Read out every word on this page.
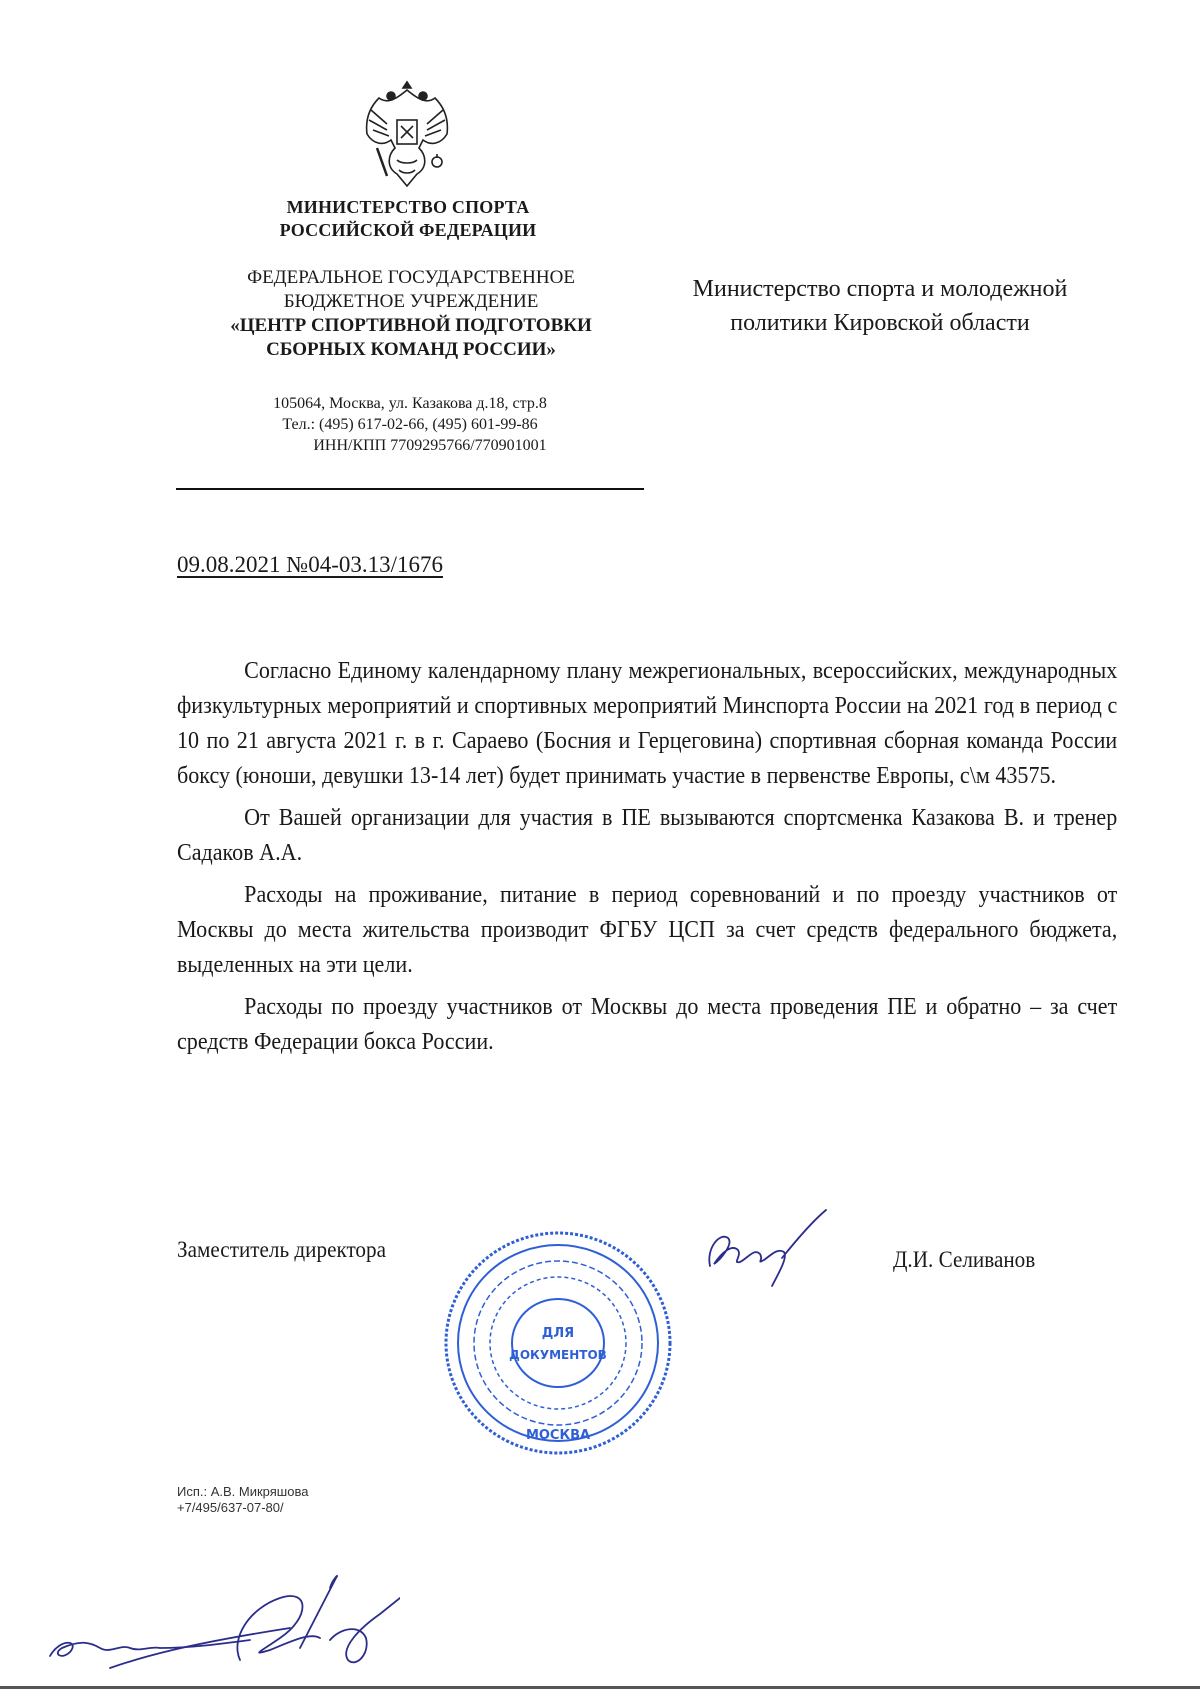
МИНИСТЕРСТВО СПОРТА
РОССИЙСКОЙ ФЕДЕРАЦИИ
ФЕДЕРАЛЬНОЕ ГОСУДАРСТВЕННОЕ
БЮДЖЕТНОЕ УЧРЕЖДЕНИЕ
«ЦЕНТР СПОРТИВНОЙ ПОДГОТОВКИ
СБОРНЫХ КОМАНД РОССИИ»
105064, Москва, ул. Казакова д.18, стр.8
Тел.: (495) 617-02-66, (495) 601-99-86
ИНН/КПП 7709295766/770901001
Министерство спорта и молодежной
политики Кировской области
09.08.2021 №04-03.13/1676

Согласно Единому календарному плану межрегиональных, всероссийских, международных физкультурных мероприятий и спортивных мероприятий Минспорта России на 2021 год в период с 10 по 21 августа 2021 г. в г. Сараево (Босния и Герцеговина) спортивная сборная команда России боксу (юноши, девушки 13-14 лет) будет принимать участие в первенстве Европы, с\м 43575.

От Вашей организации для участия в ПЕ вызываются спортсменка Казакова В. и тренер Садаков А.А.

Расходы на проживание, питание в период соревнований и по проезду участников от Москвы до места жительства производит ФГБУ ЦСП за счет средств федерального бюджета, выделенных на эти цели.

Расходы по проезду участников от Москвы до места проведения ПЕ и обратно – за счет средств Федерации бокса России.

Заместитель директора
ДЛЯ
ДОКУМЕНТОВ
МОСКВА
Д.И. Селиванов
Исп.: А.В. Микряшова
+7/495/637-07-80/
